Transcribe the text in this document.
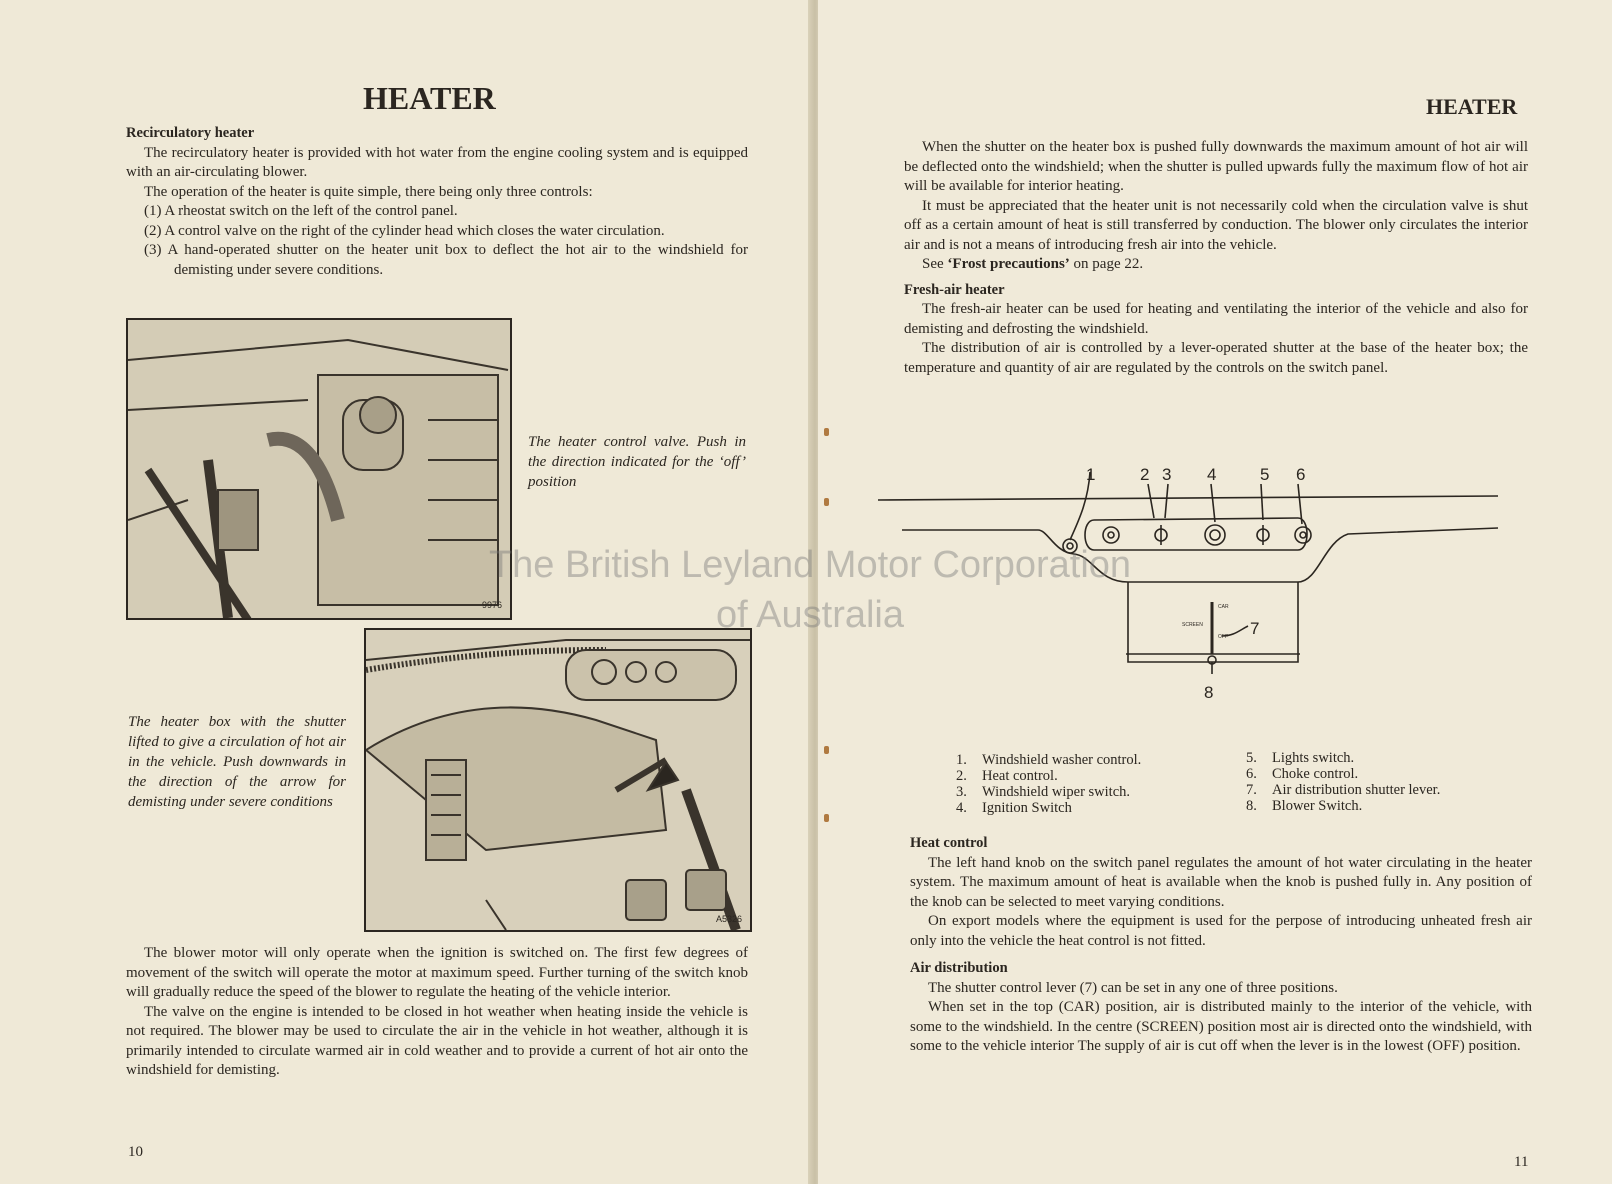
HEATER

Recirculatory heater

The recirculatory heater is provided with hot water from the engine cooling system and is equipped with an air-circulating blower.

The operation of the heater is quite simple, there being only three controls:

(1) A rheostat switch on the left of the control panel.

(2) A control valve on the right of the cylinder head which closes the water circulation.

(3) A hand-operated shutter on the heater unit box to deflect the hot air to the windshield for demisting under severe conditions.

9976
The heater control valve. Push in the direction indicated for the ‘off’ position
A5326
The heater box with the shutter lifted to give a circulation of hot air in the vehicle. Push downwards in the direction of the arrow for demisting under severe conditions

The blower motor will only operate when the ignition is switched on. The first few degrees of movement of the switch will operate the motor at maximum speed. Further turning of the switch knob will gradually reduce the speed of the blower to regulate the heating of the vehicle interior.

The valve on the engine is intended to be closed in hot weather when heating inside the vehicle is not required. The blower may be used to circulate the air in the vehicle in hot weather, although it is primarily intended to circulate warmed air in cold weather and to provide a current of hot air onto the windshield for demisting.

10
HEATER

When the shutter on the heater box is pushed fully downwards the maximum amount of hot air will be deflected onto the windshield; when the shutter is pulled upwards fully the maximum flow of hot air will be available for interior heating.

It must be appreciated that the heater unit is not necessarily cold when the circulation valve is shut off as a certain amount of heat is still transferred by conduction. The blower only circulates the interior air and is not a means of introducing fresh air into the vehicle.

See ‘Frost precautions’ on page 22.

Fresh-air heater

The fresh-air heater can be used for heating and ventilating the interior of the vehicle and also for demisting and defrosting the windshield.

The distribution of air is controlled by a lever-operated shutter at the base of the heater box; the temperature and quantity of air are regulated by the controls on the switch panel.

1	2 3 4	5 6
7
8
CAR
SCREEN
OFF
1. Windshield washer control.
2. Heat control.
3. Windshield wiper switch.
4. Ignition Switch
5. Lights switch.
6. Choke control.
7. Air distribution shutter lever.
8. Blower Switch.

Heat control

The left hand knob on the switch panel regulates the amount of hot water circulating in the heater system. The maximum amount of heat is available when the knob is pushed fully in. Any position of the knob can be selected to meet varying conditions.

On export models where the equipment is used for the perpose of introducing unheated fresh air only into the vehicle the heat control is not fitted.

Air distribution

The shutter control lever (7) can be set in any one of three positions.

When set in the top (CAR) position, air is distributed mainly to the interior of the vehicle, with some to the windshield. In the centre (SCREEN) position most air is directed onto the windshield, with some to the vehicle interior The supply of air is cut off when the lever is in the lowest (OFF) position.

11
The British Leyland Motor Corporation
of Australia
